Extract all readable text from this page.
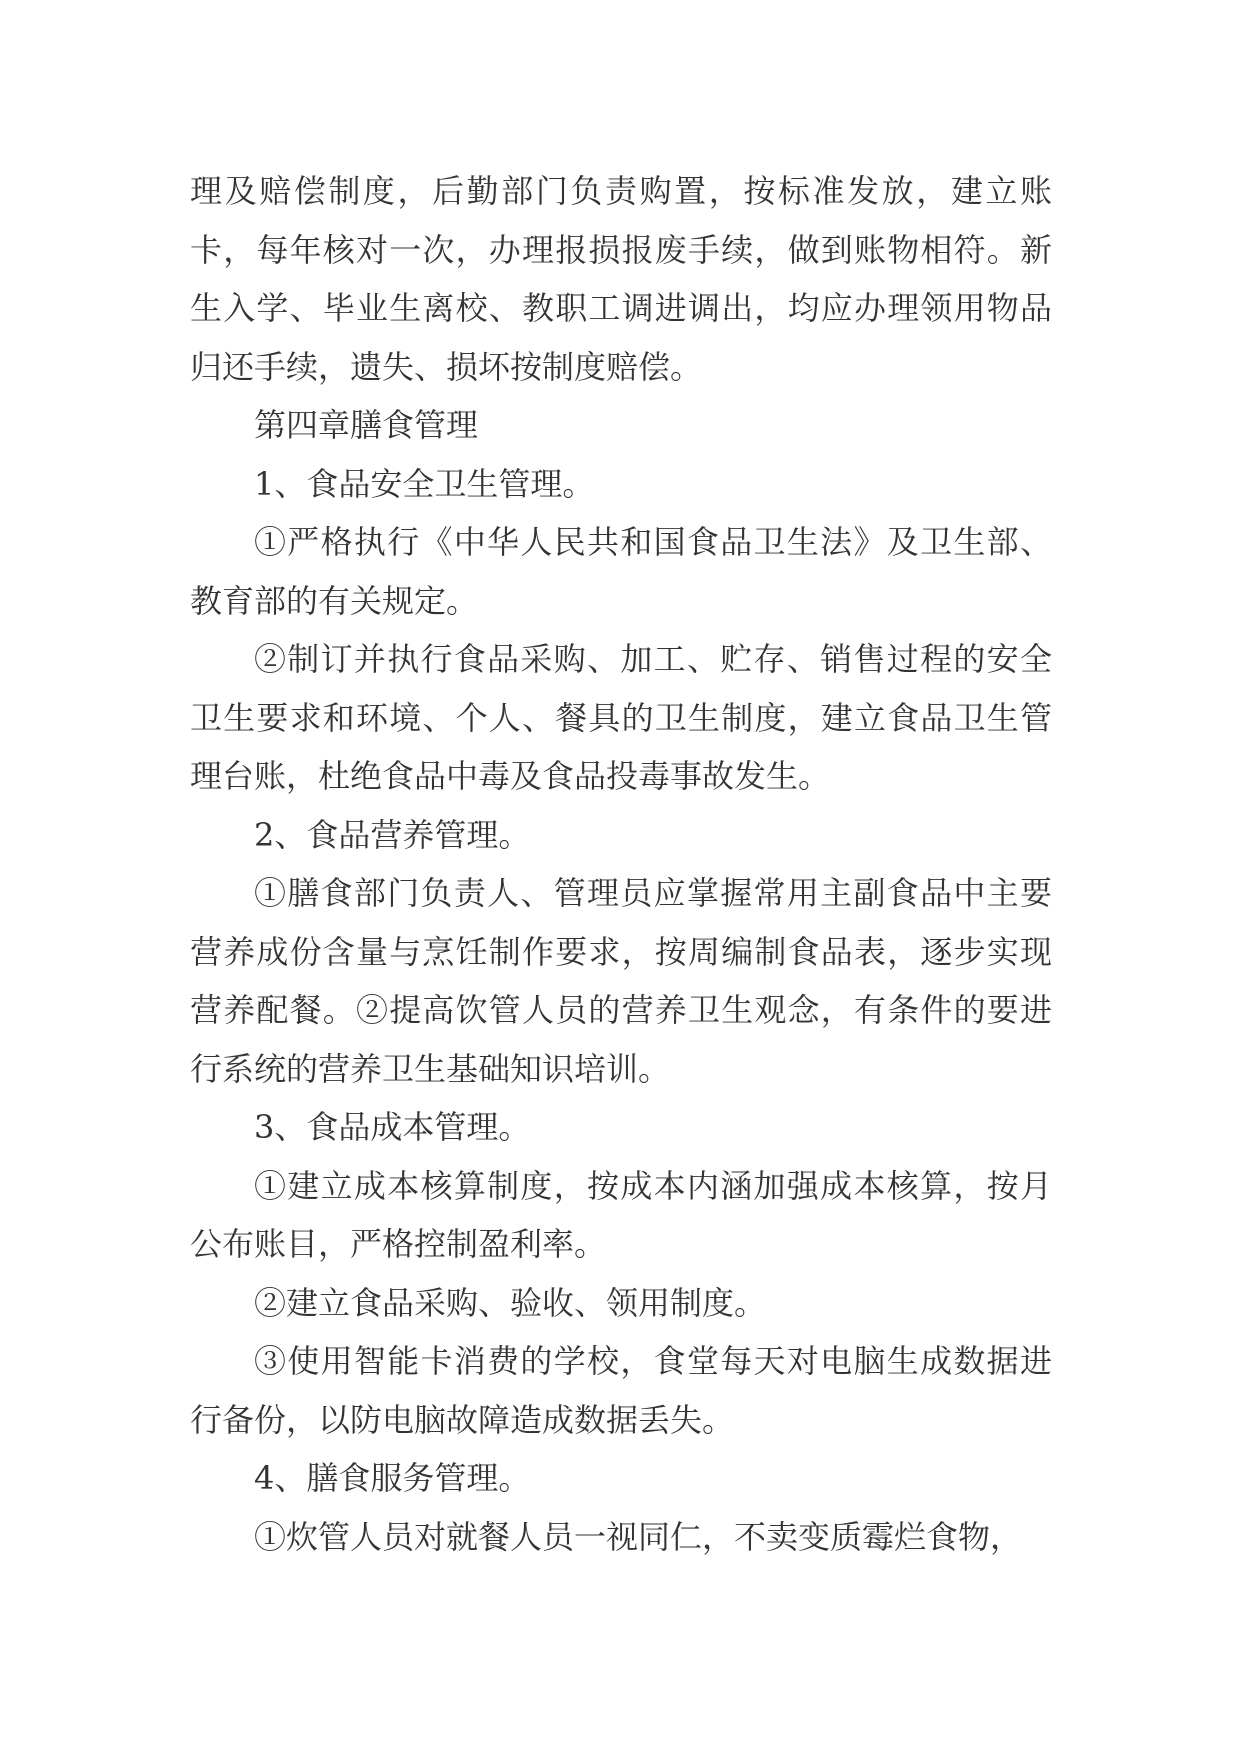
理及赔偿制度，后勤部门负责购置，按标准发放，建立账卡，每年核对一次，办理报损报废手续，做到账物相符。新生入学、毕业生离校、教职工调进调出，均应办理领用物品归还手续，遗失、损坏按制度赔偿。

第四章膳食管理

1、食品安全卫生管理。

①严格执行《中华人民共和国食品卫生法》及卫生部、教育部的有关规定。

②制订并执行食品采购、加工、贮存、销售过程的安全卫生要求和环境、个人、餐具的卫生制度，建立食品卫生管理台账，杜绝食品中毒及食品投毒事故发生。

2、食品营养管理。

①膳食部门负责人、管理员应掌握常用主副食品中主要营养成份含量与烹饪制作要求，按周编制食品表，逐步实现营养配餐。②提高饮管人员的营养卫生观念，有条件的要进行系统的营养卫生基础知识培训。

3、食品成本管理。

①建立成本核算制度，按成本内涵加强成本核算，按月公布账目，严格控制盈利率。

②建立食品采购、验收、领用制度。

③使用智能卡消费的学校，食堂每天对电脑生成数据进行备份，以防电脑故障造成数据丢失。

4、膳食服务管理。

①炊管人员对就餐人员一视同仁，不卖变质霉烂食物，
